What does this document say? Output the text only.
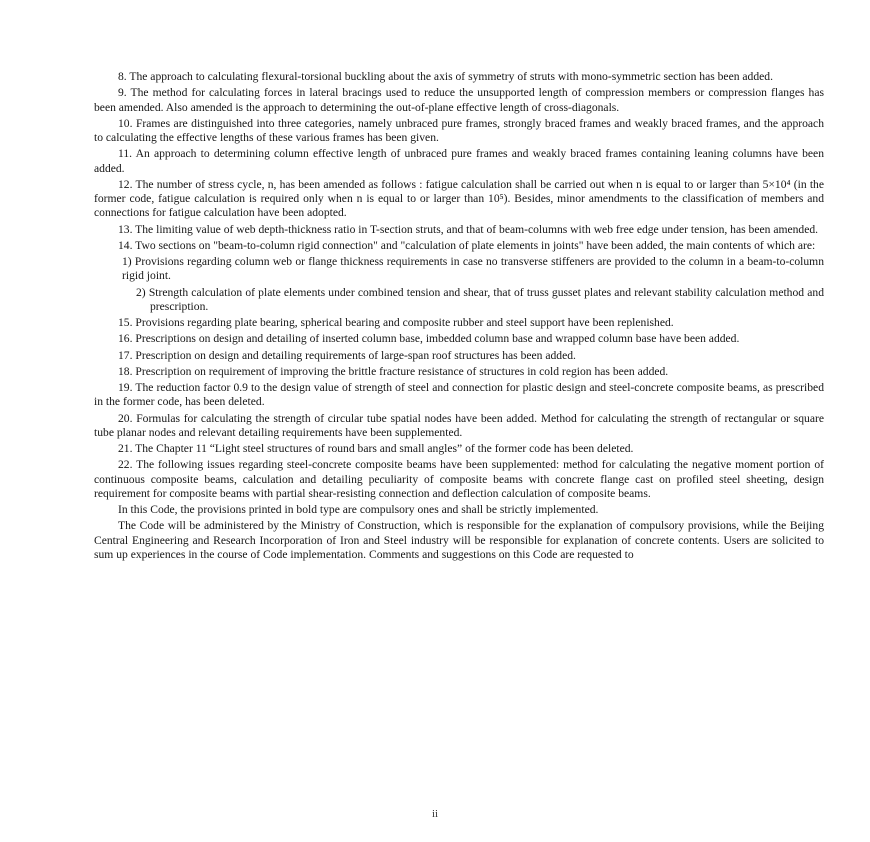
8. The approach to calculating flexural-torsional buckling about the axis of symmetry of struts with mono-symmetric section has been added.

9. The method for calculating forces in lateral bracings used to reduce the unsupported length of compression members or compression flanges has been amended. Also amended is the approach to determining the out-of-plane effective length of cross-diagonals.

10. Frames are distinguished into three categories, namely unbraced pure frames, strongly braced frames and weakly braced frames, and the approach to calculating the effective lengths of these various frames has been given.

11. An approach to determining column effective length of unbraced pure frames and weakly braced frames containing leaning columns have been added.

12. The number of stress cycle, n, has been amended as follows : fatigue calculation shall be carried out when n is equal to or larger than 5×10⁴ (in the former code, fatigue calculation is required only when n is equal to or larger than 10⁵). Besides, minor amendments to the classification of members and connections for fatigue calculation have been adopted.

13. The limiting value of web depth-thickness ratio in T-section struts, and that of beam-columns with web free edge under tension, has been amended.

14. Two sections on "beam-to-column rigid connection" and "calculation of plate elements in joints" have been added, the main contents of which are:

1) Provisions regarding column web or flange thickness requirements in case no transverse stiffeners are provided to the column in a beam-to-column rigid joint.

2) Strength calculation of plate elements under combined tension and shear, that of truss gusset plates and relevant stability calculation method and prescription.

15. Provisions regarding plate bearing, spherical bearing and composite rubber and steel support have been replenished.

16. Prescriptions on design and detailing of inserted column base, imbedded column base and wrapped column base have been added.

17. Prescription on design and detailing requirements of large-span roof structures has been added.

18. Prescription on requirement of improving the brittle fracture resistance of structures in cold region has been added.

19. The reduction factor 0.9 to the design value of strength of steel and connection for plastic design and steel-concrete composite beams, as prescribed in the former code, has been deleted.

20. Formulas for calculating the strength of circular tube spatial nodes have been added. Method for calculating the strength of rectangular or square tube planar nodes and relevant detailing requirements have been supplemented.

21. The Chapter 11 “Light steel structures of round bars and small angles” of the former code has been deleted.

22. The following issues regarding steel-concrete composite beams have been supplemented: method for calculating the negative moment portion of continuous composite beams, calculation and detailing peculiarity of composite beams with concrete flange cast on profiled steel sheeting, design requirement for composite beams with partial shear-resisting connection and deflection calculation of composite beams.

In this Code, the provisions printed in bold type are compulsory ones and shall be strictly implemented.

The Code will be administered by the Ministry of Construction, which is responsible for the explanation of compulsory provisions, while the Beijing Central Engineering and Research Incorporation of Iron and Steel industry will be responsible for explanation of concrete contents. Users are solicited to sum up experiences in the course of Code implementation. Comments and suggestions on this Code are requested to

ii
